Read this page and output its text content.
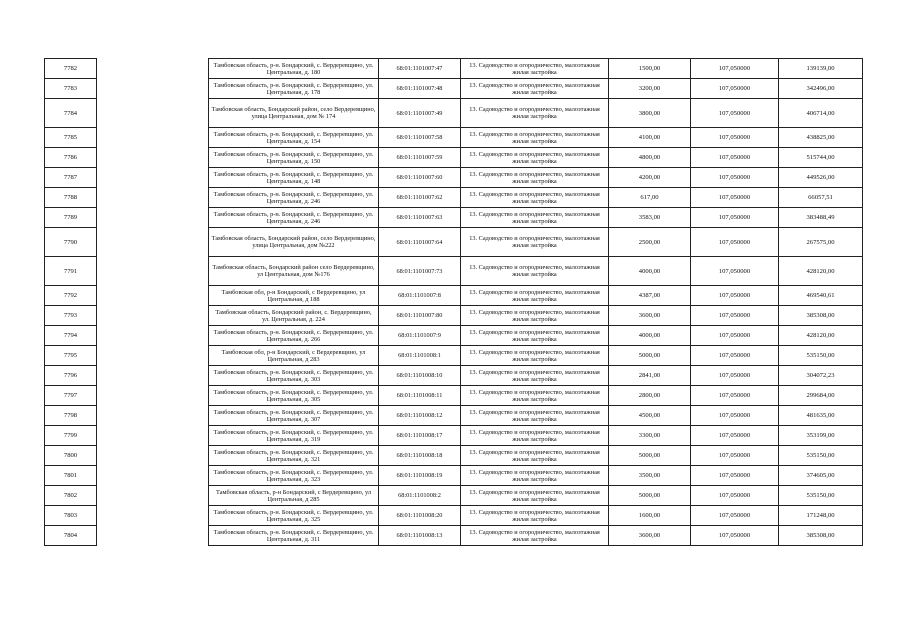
7782		Тамбовская область, р-н. Бондарский, с. Вердеревщино, ул. Центральная, д. 180	68:01:1101007:47	13. Садоводство и огородничество, малоэтажная жилая застройка	1500,00	107,050000	139139,00
7783		Тамбовская область, р-н. Бондарский, с. Вердеревщино, ул. Центральная, д. 178	68:01:1101007:48	13. Садоводство и огородничество, малоэтажная жилая застройка	3200,00	107,050000	342496,00
7784		Тамбовская область, Бондарский район, село Вердеревщино, улица Центральная, дом № 174	68:01:1101007:49	13. Садоводство и огородничество, малоэтажная жилая застройка	3800,00	107,050000	406714,00
7785		Тамбовская область, р-н. Бондарский, с. Вердеревщино, ул. Центральная, д. 154	68:01:1101007:58	13. Садоводство и огородничество, малоэтажная жилая застройка	4100,00	107,050000	438825,00
7786		Тамбовская область, р-н. Бондарский, с. Вердеревщино, ул. Центральная, д. 150	68:01:1101007:59	13. Садоводство и огородничество, малоэтажная жилая застройка	4800,00	107,050000	515744,00
7787		Тамбовская область, р-н. Бондарский, с. Вердеревщино, ул. Центральная, д. 148	68:01:1101007:60	13. Садоводство и огородничество, малоэтажная жилая застройка	4200,00	107,050000	449526,00
7788		Тамбовская область, р-н. Бондарский, с. Вердеревщино, ул. Центральная, д. 246	68:01:1101007:62	13. Садоводство и огородничество, малоэтажная жилая застройка	617,00	107,050000	66057,51
7789		Тамбовская область, р-н. Бондарский, с. Вердеревщино, ул. Центральная, д. 246	68:01:1101007:63	13. Садоводство и огородничество, малоэтажная жилая застройка	3583,00	107,050000	383488,49
7790		Тамбовская область, Бондарский район, село Вердеревщино, улица Центральная, дом №222	68:01:1101007:64	13. Садоводство и огородничество, малоэтажная жилая застройка	2500,00	107,050000	267575,00
7791		Тамбовская область, Бондарский район село Вердеревщино, ул Центральная, дом №176	68:01:1101007:73	13. Садоводство и огородничество, малоэтажная жилая застройка	4000,00	107,050000	428120,00
7792		Тамбовская обл, р-н Бондарский, с Вердеревщино, ул Центральная, д 188	68:01:1101007:8	13. Садоводство и огородничество, малоэтажная жилая застройка	4387,00	107,050000	469540,61
7793		Тамбовская область, Бондарский район, с. Вердеревщино, ул. Центральная, д. 224	68:01:1101007:80	13. Садоводство и огородничество, малоэтажная жилая застройка	3600,00	107,050000	385308,00
7794		Тамбовская область, р-н. Бондарский, с. Вердеревщино, ул. Центральная, д. 266	68:01:1101007:9	13. Садоводство и огородничество, малоэтажная жилая застройка	4000,00	107,050000	428120,00
7795		Тамбовская обл, р-н Бондарский, с Вердеревщино, ул Центральная, д 283	68:01:1101008:1	13. Садоводство и огородничество, малоэтажная жилая застройка	5000,00	107,050000	535150,00
7796		Тамбовская область, р-н. Бондарский, с. Вердеревщино, ул. Центральная, д. 303	68:01:1101008:10	13. Садоводство и огородничество, малоэтажная жилая застройка	2841,00	107,050000	304072,23
7797		Тамбовская область, р-н. Бондарский, с. Вердеревщино, ул. Центральная, д. 305	68:01:1101008:11	13. Садоводство и огородничество, малоэтажная жилая застройка	2800,00	107,050000	299684,00
7798		Тамбовская область, р-н. Бондарский, с. Вердеревщино, ул. Центральная, д. 307	68:01:1101008:12	13. Садоводство и огородничество, малоэтажная жилая застройка	4500,00	107,050000	481635,00
7799		Тамбовская область, р-н. Бондарский, с. Вердеревщино, ул. Центральная, д. 319	68:01:1101008:17	13. Садоводство и огородничество, малоэтажная жилая застройка	3300,00	107,050000	353199,00
7800		Тамбовская область, р-н. Бондарский, с. Вердеревщино, ул. Центральная, д. 321	68:01:1101008:18	13. Садоводство и огородничество, малоэтажная жилая застройка	5000,00	107,050000	535150,00
7801		Тамбовская область, р-н. Бондарский, с. Вердеревщино, ул. Центральная, д. 323	68:01:1101008:19	13. Садоводство и огородничество, малоэтажная жилая застройка	3500,00	107,050000	374605,00
7802		Тамбовская область, р-н Бондарский, с Вердеревщино, ул Центральная, д 285	68:01:1101008:2	13. Садоводство и огородничество, малоэтажная жилая застройка	5000,00	107,050000	535150,00
7803		Тамбовская область, р-н. Бондарский, с. Вердеревщино, ул. Центральная, д. 325	68:01:1101008:20	13. Садоводство и огородничество, малоэтажная жилая застройка	1600,00	107,050000	171248,00
7804		Тамбовская область, р-н. Бондарский, с. Вердеревщино, ул. Центральная, д. 311	68:01:1101008:13	13. Садоводство и огородничество, малоэтажная жилая застройка	3600,00	107,050000	385308,00
